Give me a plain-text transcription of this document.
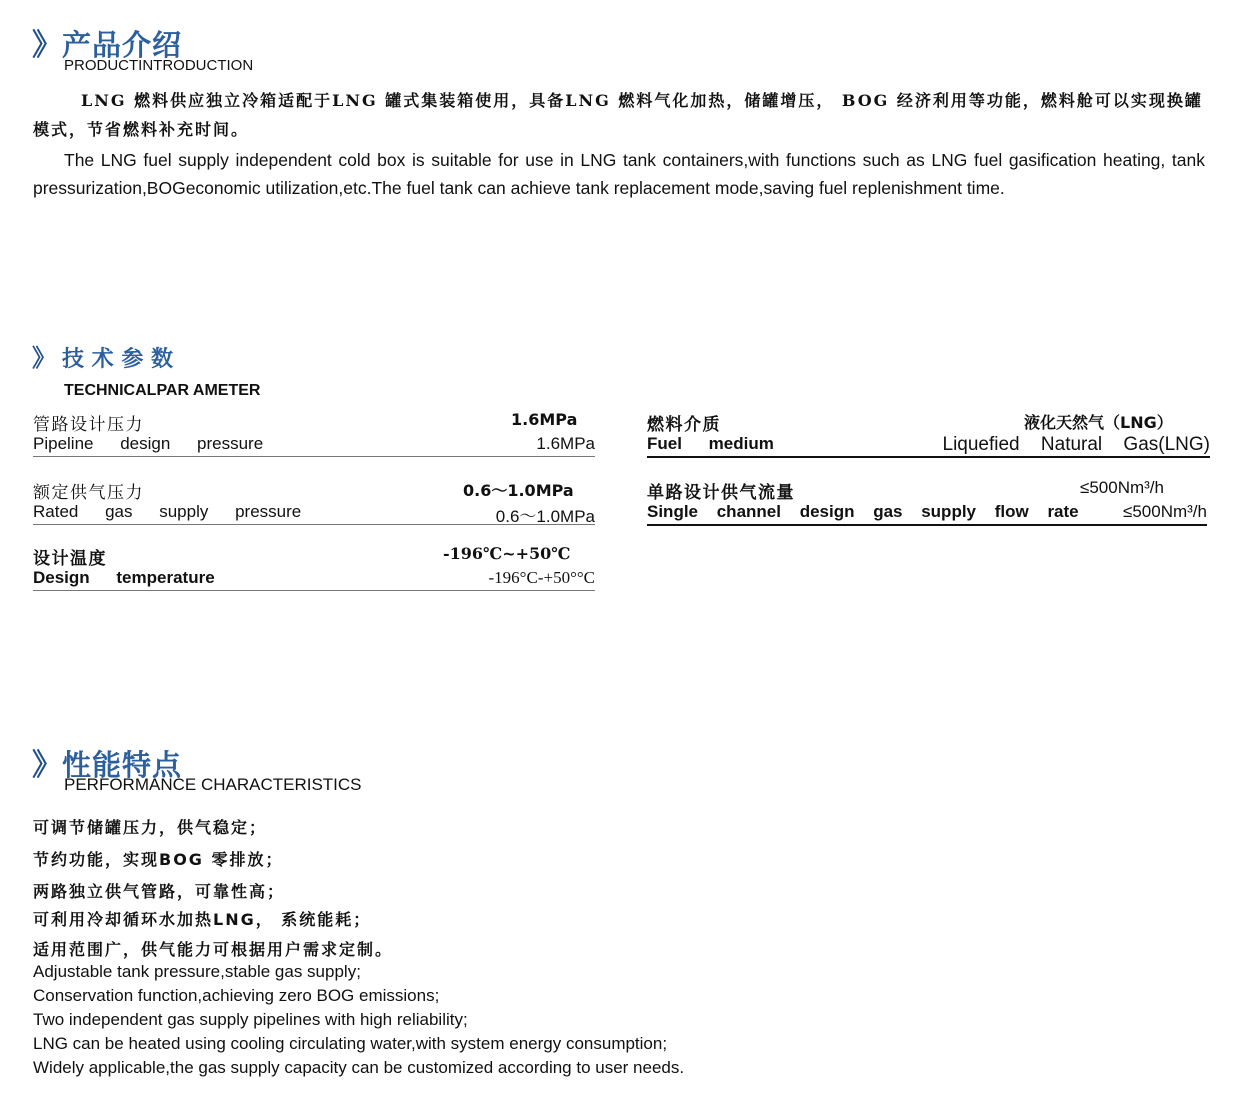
》产品介绍
PRODUCTINTRODUCTION

LNG 燃料供应独立冷箱适配于LNG 罐式集装箱使用，具备LNG 燃料气化加热，储罐增压， BOG 经济利用等功能，燃料舱可以实现换罐模式，节省燃料补充时间。

The LNG fuel supply independent cold box is suitable for use in LNG tank containers,with functions such as LNG fuel gasification heating, tank pressurization,BOGeconomic utilization,etc.The fuel tank can achieve tank replacement mode,saving fuel replenishment time.

》 技 术 参 数
TECHNICALPAR AMETER
管路设计压力	1.6MPa
Pipeline design pressure	1.6MPa
额定供气压力	0.6～1.0MPa
Rated gas supply pressure	0.6～1.0MPa
设计温度	-196℃~+50℃
Design temperature	-196°C-+50°°C
燃料介质	液化天然气（LNG）
Fuel medium	Liquefied Natural Gas(LNG)
单路设计供气流量	≤500Nm³/h
Single channel design gas supply flow rate	≤500Nm³/h
》性能特点
PERFORMANCE CHARACTERISTICS
可调节储罐压力，供气稳定；
节约功能，实现BOG 零排放；
两路独立供气管路，可靠性高；
可利用冷却循环水加热LNG， 系统能耗；
适用范围广，供气能力可根据用户需求定制。
Adjustable tank pressure,stable gas supply;
Conservation function,achieving zero BOG emissions;
Two independent gas supply pipelines with high reliability;
LNG can be heated using cooling circulating water,with system energy consumption;
Widely applicable,the gas supply capacity can be customized according to user needs.
